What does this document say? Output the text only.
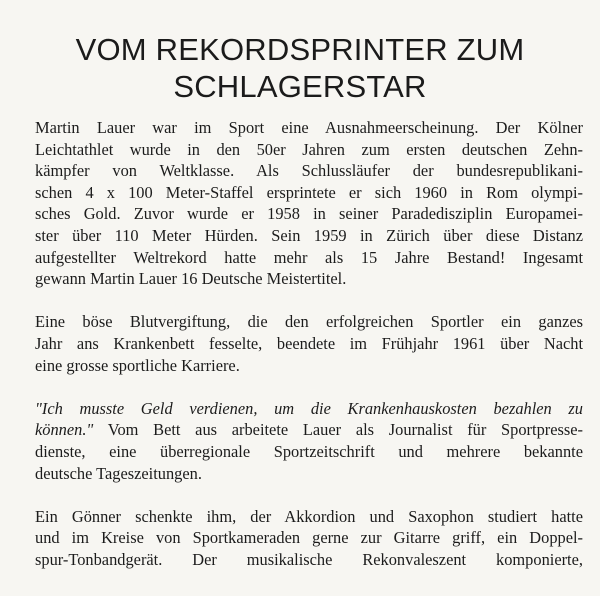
VOM REKORDSPRINTER ZUM
SCHLAGERSTAR

Martin Lauer war im Sport eine Ausnahmeerscheinung. Der Kölner
Leichtathlet wurde in den 50er Jahren zum ersten deutschen Zehn-
kämpfer von Weltklasse. Als Schlussläufer der bundesrepublikani-
schen 4 x 100 Meter-Staffel ersprintete er sich 1960 in Rom olympi-
sches Gold. Zuvor wurde er 1958 in seiner Paradedisziplin Europamei-
ster über 110 Meter Hürden. Sein 1959 in Zürich über diese Distanz
aufgestellter Weltrekord hatte mehr als 15 Jahre Bestand! Ingesamt
gewann Martin Lauer 16 Deutsche Meistertitel.

Eine böse Blutvergiftung, die den erfolgreichen Sportler ein ganzes
Jahr ans Krankenbett fesselte, beendete im Frühjahr 1961 über Nacht
eine grosse sportliche Karriere.

"Ich musste Geld verdienen, um die Krankenhauskosten bezahlen zu
können." Vom Bett aus arbeitete Lauer als Journalist für Sportpresse-
dienste, eine überregionale Sportzeitschrift und mehrere bekannte
deutsche Tageszeitungen.

Ein Gönner schenkte ihm, der Akkordion und Saxophon studiert hatte
und im Kreise von Sportkameraden gerne zur Gitarre griff, ein Doppel-
spur-Tonbandgerät. Der musikalische Rekonvaleszent komponierte,
